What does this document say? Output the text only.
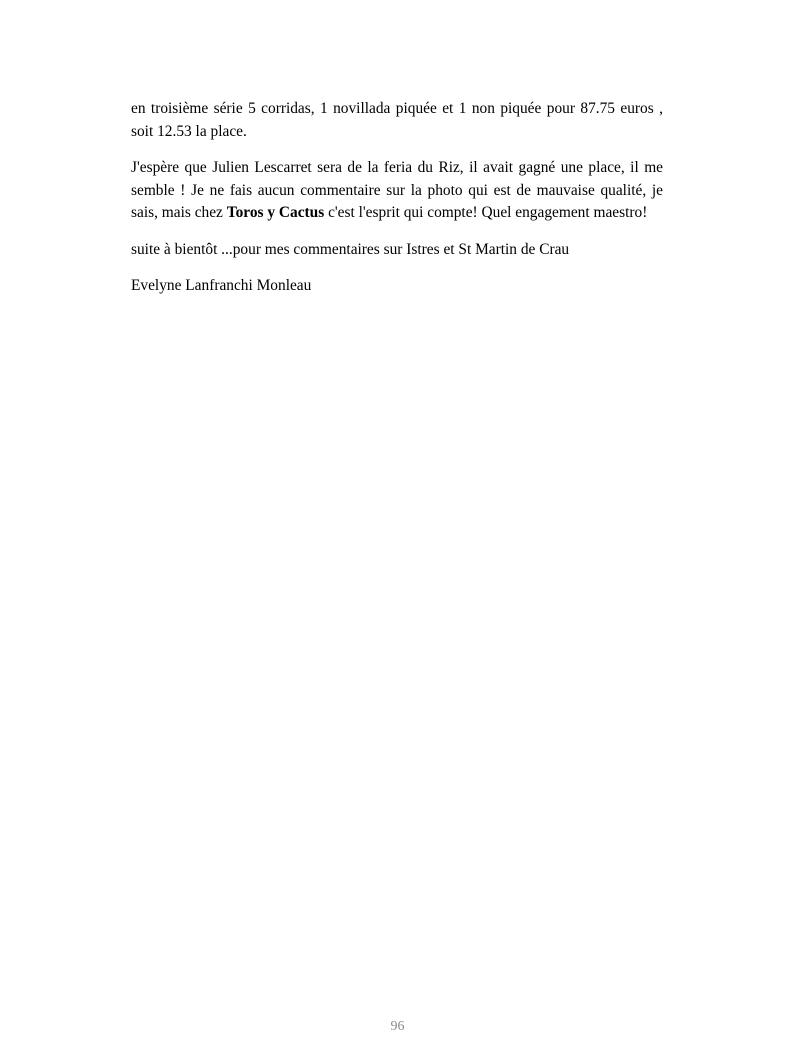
en troisième série 5 corridas, 1 novillada piquée et 1 non piquée pour 87.75 euros , soit 12.53 la place.

J'espère que Julien Lescarret sera de la feria du Riz, il avait gagné une place, il me semble ! Je ne fais aucun commentaire sur la photo qui est de mauvaise qualité, je sais, mais chez Toros y Cactus c'est l'esprit qui compte! Quel engagement maestro!

suite à bientôt ...pour mes commentaires sur Istres et St Martin de Crau

Evelyne Lanfranchi Monleau

96
